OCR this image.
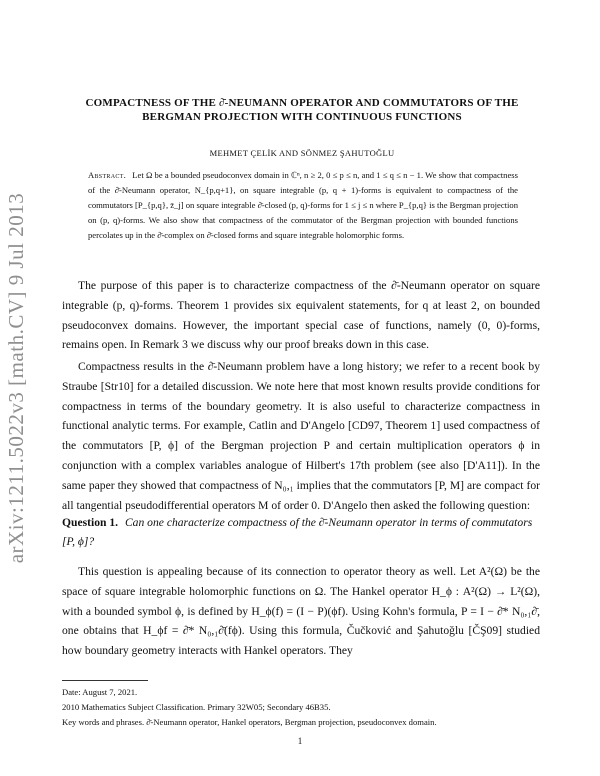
arXiv:1211.5022v3 [math.CV] 9 Jul 2013
COMPACTNESS OF THE ∂̄-NEUMANN OPERATOR AND COMMUTATORS OF THE BERGMAN PROJECTION WITH CONTINUOUS FUNCTIONS
MEHMET ÇELİK AND SÖNMEZ ŞAHUTOĞLU
Abstract. Let Ω be a bounded pseudoconvex domain in ℂⁿ, n ≥ 2, 0 ≤ p ≤ n, and 1 ≤ q ≤ n − 1. We show that compactness of the ∂̄-Neumann operator, N_{p,q+1}, on square integrable (p, q + 1)-forms is equivalent to compactness of the commutators [P_{p,q}, z̄_j] on square integrable ∂̄-closed (p, q)-forms for 1 ≤ j ≤ n where P_{p,q} is the Bergman projection on (p, q)-forms. We also show that compactness of the commutator of the Bergman projection with bounded functions percolates up in the ∂̄-complex on ∂̄-closed forms and square integrable holomorphic forms.
The purpose of this paper is to characterize compactness of the ∂̄-Neumann operator on square integrable (p, q)-forms. Theorem 1 provides six equivalent statements, for q at least 2, on bounded pseudoconvex domains. However, the important special case of functions, namely (0, 0)-forms, remains open. In Remark 3 we discuss why our proof breaks down in this case.
Compactness results in the ∂̄-Neumann problem have a long history; we refer to a recent book by Straube [Str10] for a detailed discussion. We note here that most known results provide conditions for compactness in terms of the boundary geometry. It is also useful to characterize compactness in functional analytic terms. For example, Catlin and D'Angelo [CD97, Theorem 1] used compactness of the commutators [P, ϕ] of the Bergman projection P and certain multiplication operators ϕ in conjunction with a complex variables analogue of Hilbert's 17th problem (see also [D'A11]). In the same paper they showed that compactness of N₀,₁ implies that the commutators [P, M] are compact for all tangential pseudodifferential operators M of order 0. D'Angelo then asked the following question:
Question 1. Can one characterize compactness of the ∂̄-Neumann operator in terms of commutators [P, ϕ]?
This question is appealing because of its connection to operator theory as well. Let A²(Ω) be the space of square integrable holomorphic functions on Ω. The Hankel operator H_ϕ : A²(Ω) → L²(Ω), with a bounded symbol ϕ, is defined by H_ϕ(f) = (I − P)(ϕf). Using Kohn's formula, P = I − ∂̄* N₀,₁∂̄, one obtains that H_ϕf = ∂̄* N₀,₁∂̄(fϕ). Using this formula, Čučković and Şahutoğlu [ČŞ09] studied how boundary geometry interacts with Hankel operators. They
Date: August 7, 2021.
2010 Mathematics Subject Classification. Primary 32W05; Secondary 46B35.
Key words and phrases. ∂̄-Neumann operator, Hankel operators, Bergman projection, pseudoconvex domain.
1
